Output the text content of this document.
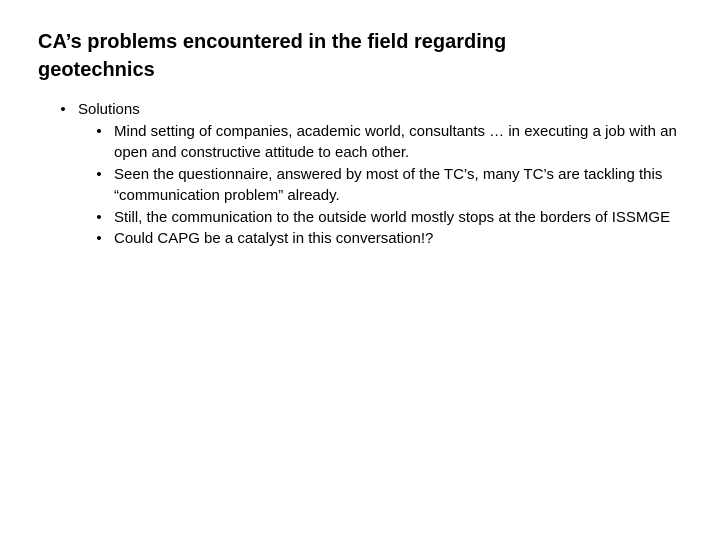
CA’s problems encountered in the field regarding geotechnics
• Solutions
• Mind setting of companies, academic world, consultants … in executing a job with an open and constructive attitude to each other.
• Seen the questionnaire, answered by most of the TC’s, many TC’s are tackling this “communication problem” already.
• Still, the communication to the outside world mostly stops at the borders of ISSMGE
• Could CAPG be a catalyst in this conversation!?
